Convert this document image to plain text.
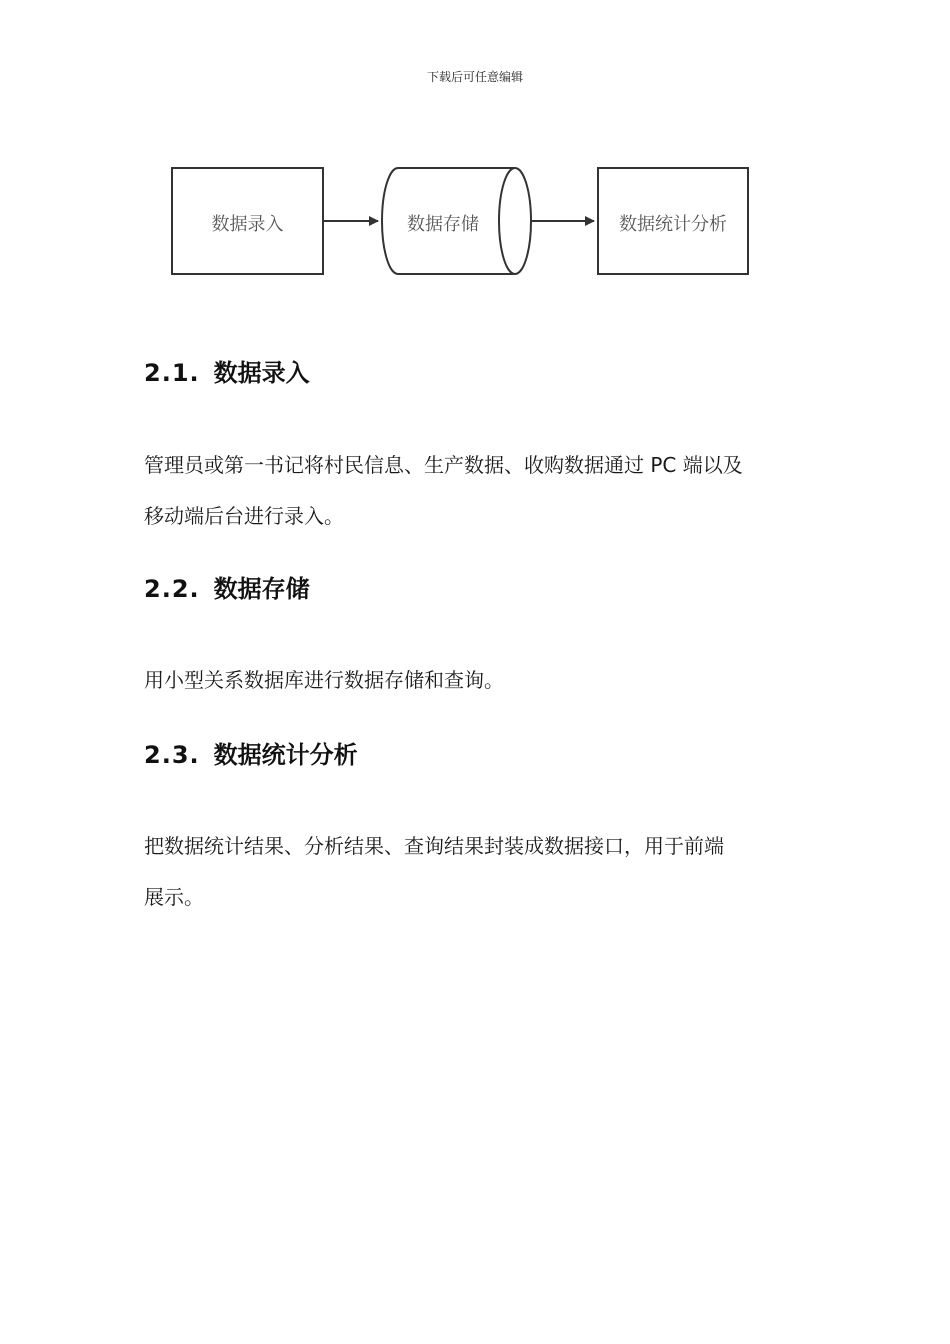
下载后可任意编辑
数据录入	数据存储	数据统计分析
2.1. 数据录入
管理员或第一书记将村民信息、生产数据、收购数据通过 PC 端以及
移动端后台进行录入。
2.2. 数据存储
用小型关系数据库进行数据存储和查询。
2.3. 数据统计分析
把数据统计结果、分析结果、查询结果封装成数据接口，用于前端
展示。
